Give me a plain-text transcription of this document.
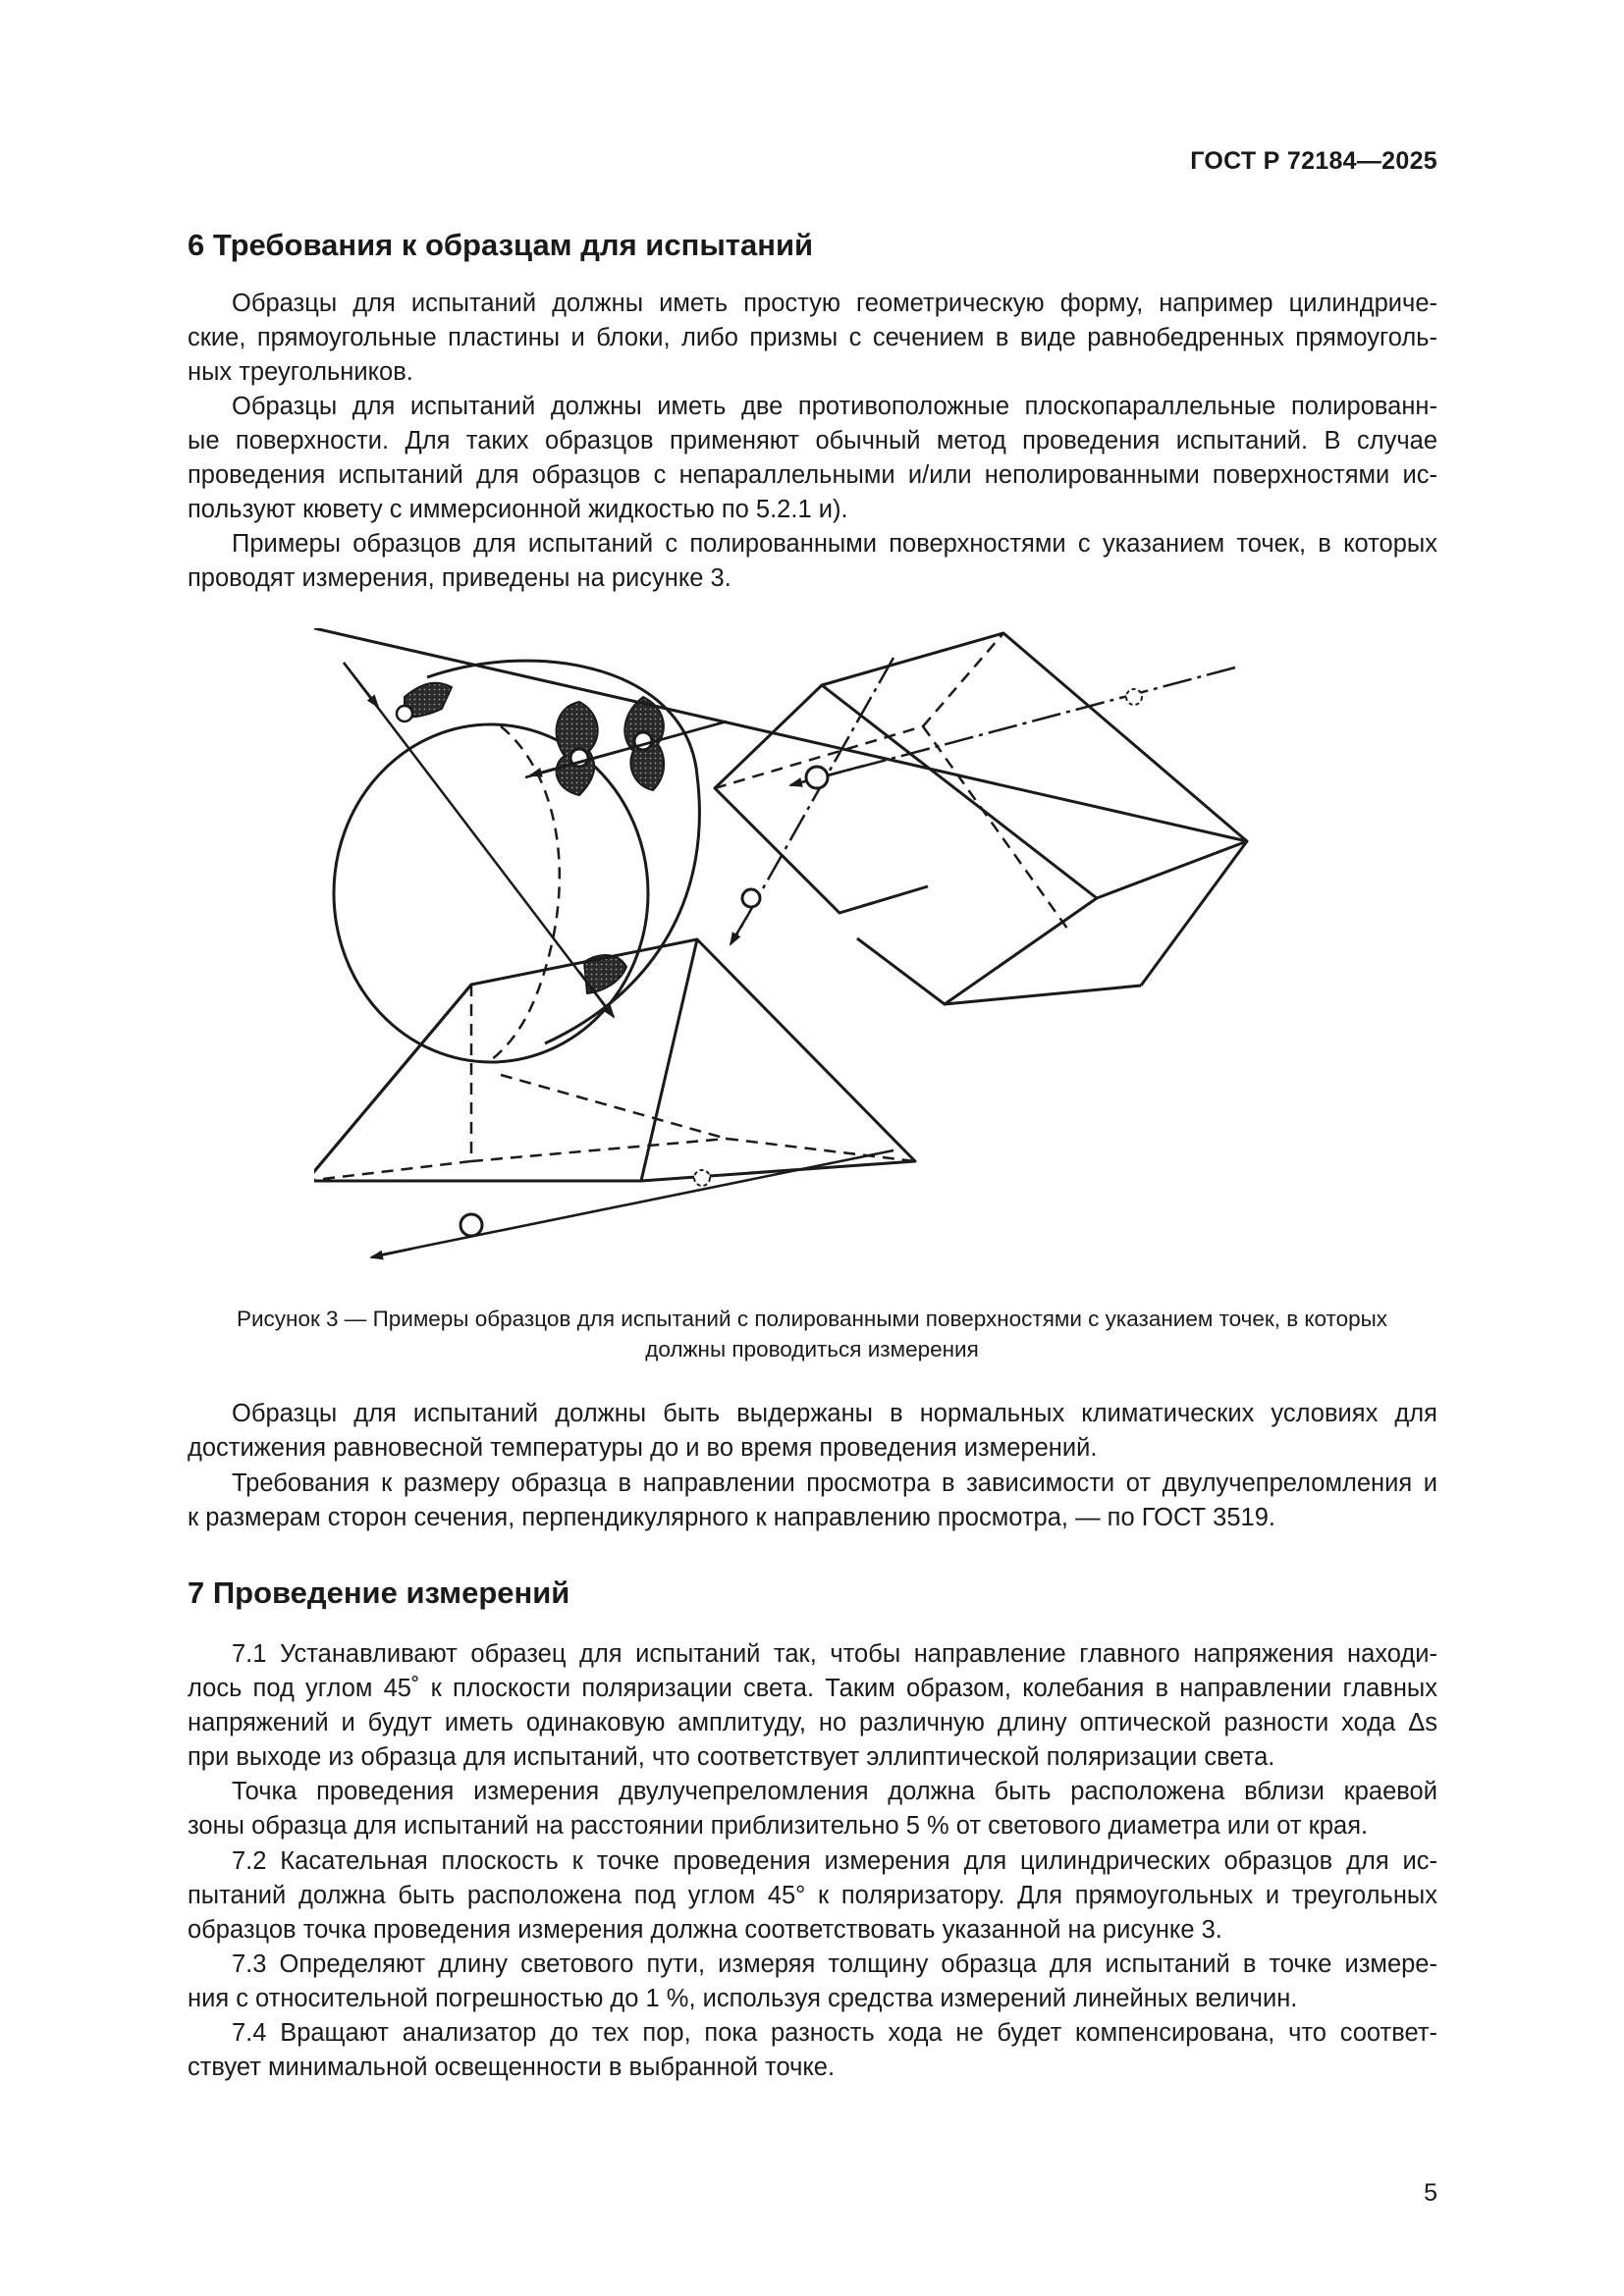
ГОСТ Р 72184—2025
6 Требования к образцам для испытаний
Образцы для испытаний должны иметь простую геометрическую форму, например цилиндриче-
ские, прямоугольные пластины и блоки, либо призмы с сечением в виде равнобедренных прямоуголь-
ных треугольников.
Образцы для испытаний должны иметь две противоположные плоскопараллельные полированн-
ые поверхности. Для таких образцов применяют обычный метод проведения испытаний. В случае
проведения испытаний для образцов с непараллельными и/или неполированными поверхностями ис-
пользуют кювету с иммерсионной жидкостью по 5.2.1 и).
Примеры образцов для испытаний с полированными поверхностями с указанием точек, в которых
проводят измерения, приведены на рисунке 3.
Рисунок 3 — Примеры образцов для испытаний с полированными поверхностями с указанием точек, в которых
должны проводиться измерения
Образцы для испытаний должны быть выдержаны в нормальных климатических условиях для
достижения равновесной температуры до и во время проведения измерений.
Требования к размеру образца в направлении просмотра в зависимости от двулучепреломления и
к размерам сторон сечения, перпендикулярного к направлению просмотра, — по ГОСТ 3519.
7 Проведение измерений
7.1 Устанавливают образец для испытаний так, чтобы направление главного напряжения находи-
лось под углом 45˚ к плоскости поляризации света. Таким образом, колебания в направлении главных
напряжений и будут иметь одинаковую амплитуду, но различную длину оптической разности хода Δs
при выходе из образца для испытаний, что соответствует эллиптической поляризации света.
Точка проведения измерения двулучепреломления должна быть расположена вблизи краевой
зоны образца для испытаний на расстоянии приблизительно 5 % от светового диаметра или от края.
7.2 Касательная плоскость к точке проведения измерения для цилиндрических образцов для ис-
пытаний должна быть расположена под углом 45° к поляризатору. Для прямоугольных и треугольных
образцов точка проведения измерения должна соответствовать указанной на рисунке 3.
7.3 Определяют длину светового пути, измеряя толщину образца для испытаний в точке измере-
ния с относительной погрешностью до 1 %, используя средства измерений линейных величин.
7.4 Вращают анализатор до тех пор, пока разность хода не будет компенсирована, что соответ-
ствует минимальной освещенности в выбранной точке.
5
